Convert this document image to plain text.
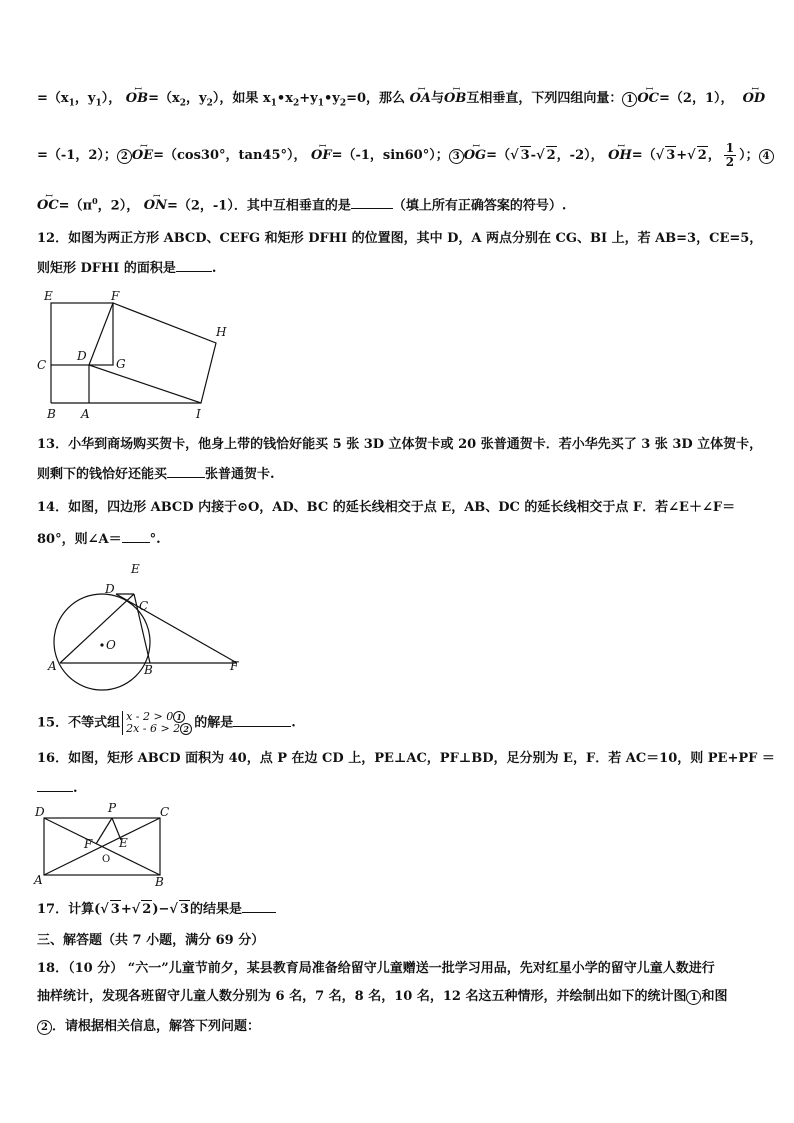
$=(x_1$，$y_1$）， ꟷ $OB=(x_2$，$y_2$），如果 $x_1•x_2+y_1•y_2=0$，那么 ꟷ OA与ꟷ OB互相垂直，下列四组向量： 1 ꟷ OC=（2，1）， ꟷ OD
=（-1，2）； 2 ꟷ OE=（cos30°，tan45°）， ꟷ OF=（-1，sin60°）； 3 ꟷ OG=（√ 3-√ 2，-2）， ꟷ OH=（√ 3+√ 2， $\frac{1}{2}$ ）； 4
ꟷ $OC=(\pi^0$，2）， ꟷ ON=（2，-1）．其中互相垂直的是	（填上所有正确答案的符号）.
12．如图为两正方形 ABCD、CEFG 和矩形 DFHI 的位置图，其中 D，A 两点分别在 CG、BI 上，若 AB=3，CE=5，
则矩形 DFHI 的面积是	.
E	F
H
C
D
G
B A	I
13．小华到商场购买贺卡，他身上带的钱恰好能买 5 张 3D 立体贺卡或 20 张普通贺卡．若小华先买了 3 张 3D 立体贺卡，
则剩下的钱恰好还能买	张普通贺卡.
14．如图，四边形 ABCD 内接于⊙O，AD、BC 的延长线相交于点 E，AB、DC 的延长线相交于点 F．若∠E＋∠F＝
80°，则∠A＝ °.
E
D
C
O
A	B	F
15．不等式组 x - 2 > 0 1
2x - 6 > 2 2 的解是	.
16．如图，矩形 ABCD 面积为 40，点 P 在边 CD 上，PE⊥AC，PF⊥BD，足分别为 E，F．若 AC＝10，则 PE+PF ＝
.
D	P	C
F E
O
A	B
17．计算(√ 3+√ 2)−√ 3的结果是
三、解答题（共 7 小题，满分 69 分）
18．（10 分） “六一”儿童节前夕，某县教育局准备给留守儿童赠送一批学习用品，先对红星小学的留守儿童人数进行
抽样统计，发现各班留守儿童人数分别为 6 名，7 名，8 名，10 名，12 名这五种情形，并绘制出如下的统计图 1 和图
2 ．请根据相关信息，解答下列问题：
